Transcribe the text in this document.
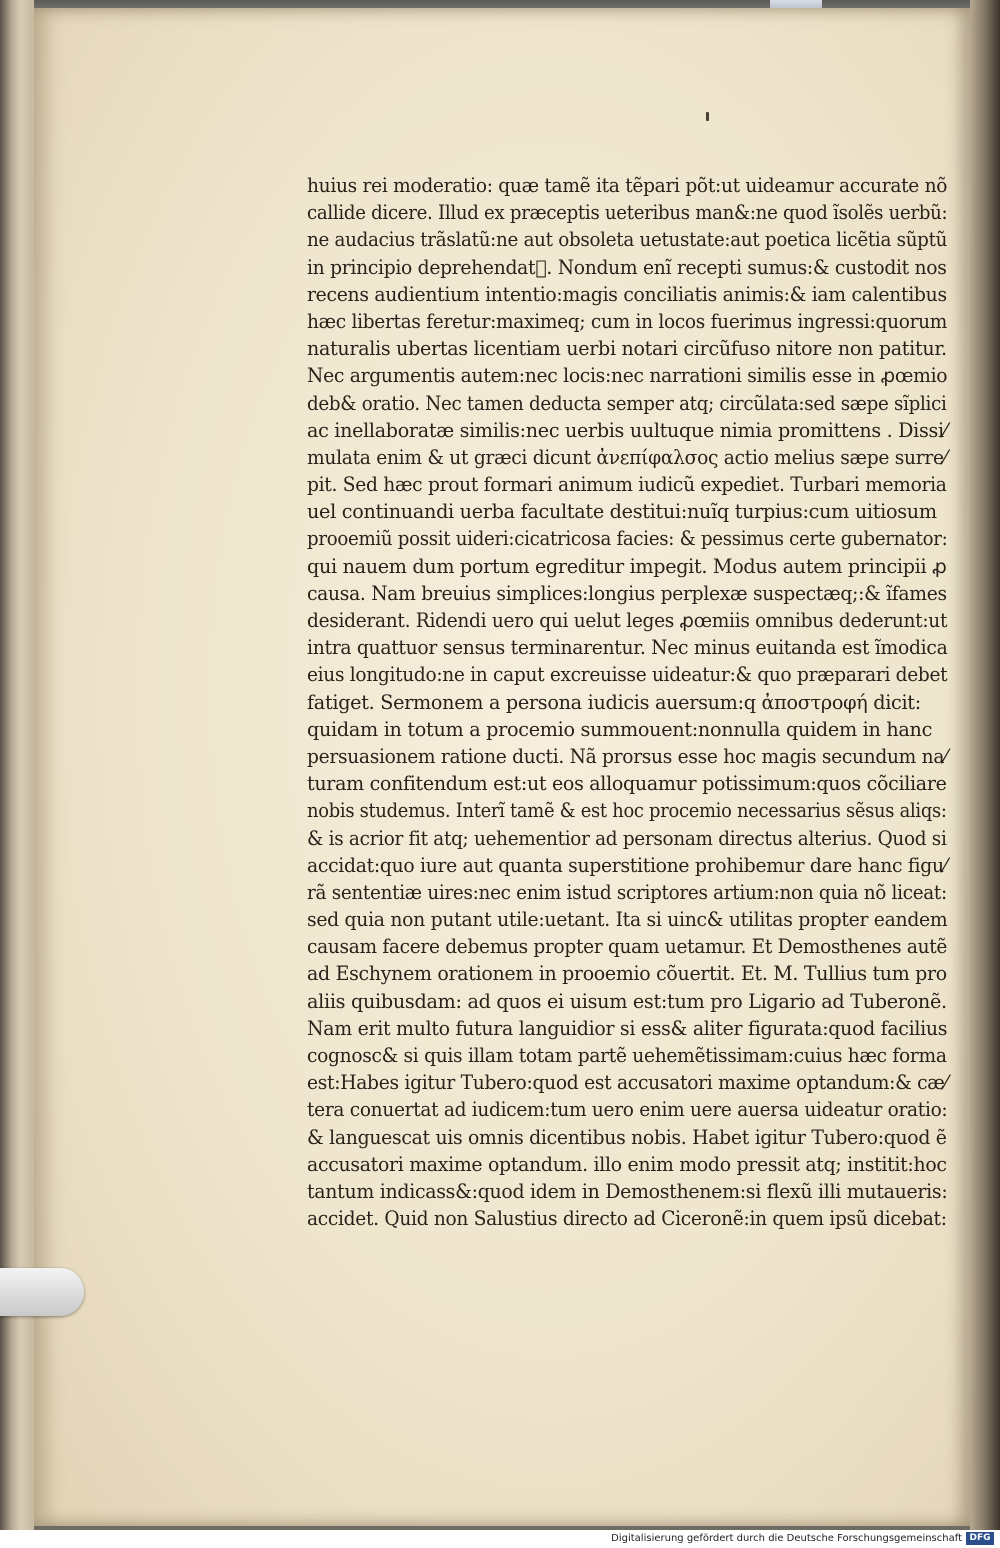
huius rei moderatio: quæ tamẽ ita tẽpari põt:ut uideamur accurate nõ
callide dicere. Illud ex præceptis ueteribus man&:ne quod ĩsolẽs uerbũ:
ne audacius trãslatũ:ne aut obsoleta uetustate:aut poetica licẽtia sũptũ
in principio deprehendat᷑. Nondum enĩ recepti sumus:& custodit nos
recens audientium intentio:magis conciliatis animis:& iam calentibus
hæc libertas feretur:maximeq; cum in locos fuerimus ingressi:quorum
naturalis ubertas licentiam uerbi notari circũfuso nitore non patitur.
Nec argumentis autem:nec locis:nec narrationi similis esse in ꝓœmio
deb& oratio. Nec tamen deducta semper atq; circũlata:sed sæpe sĩplici
ac inellaboratæ similis:nec uerbis uultuque nimia promittens . Dissi⁄
mulata enim & ut græci dicunt ἀνεπίφαλσος actio melius sæpe surre⁄
pit. Sed hæc prout formari animum iudicũ expediet. Turbari memoria
uel continuandi uerba facultate destitui:nuĩq turpius:cum uitiosum
prooemiũ possit uideri:cicatricosa facies: & pessimus certe gubernator:
qui nauem dum portum egreditur impegit. Modus autem principii ꝓ
causa. Nam breuius simplices:longius perplexæ suspectæq;:& ĩfames
desiderant. Ridendi uero qui uelut leges ꝓœmiis omnibus dederunt:ut
intra quattuor sensus terminarentur. Nec minus euitanda est ĩmodica
eius longitudo:ne in caput excreuisse uideatur:& quo præparari debet
fatiget. Sermonem a persona iudicis auersum:q ἀποστροφή dicit:
quidam in totum a procemio summouent:nonnulla quidem in hanc
persuasionem ratione ducti. Nã prorsus esse hoc magis secundum na⁄
turam confitendum est:ut eos alloquamur potissimum:quos cõciliare
nobis studemus. Interĩ tamẽ & est hoc procemio necessarius sẽsus aliqs:
& is acrior fit atq; uehementior ad personam directus alterius. Quod si
accidat:quo iure aut quanta superstitione prohibemur dare hanc figu⁄
rã sententiæ uires:nec enim istud scriptores artium:non quia nõ liceat:
sed quia non putant utile:uetant. Ita si uinc& utilitas propter eandem
causam facere debemus propter quam uetamur. Et Demosthenes autẽ
ad Eschynem orationem in prooemio cõuertit. Et. M. Tullius tum pro
aliis quibusdam: ad quos ei uisum est:tum pro Ligario ad Tuberonẽ.
Nam erit multo futura languidior si ess& aliter figurata:quod facilius
cognosc& si quis illam totam partẽ uehemẽtissimam:cuius hæc forma
est:Habes igitur Tubero:quod est accusatori maxime optandum:& cæ⁄
tera conuertat ad iudicem:tum uero enim uere auersa uideatur oratio:
& languescat uis omnis dicentibus nobis. Habet igitur Tubero:quod ẽ
accusatori maxime optandum. illo enim modo pressit atq; institit:hoc
tantum indicass&:quod idem in Demosthenem:si flexũ illi mutaueris:
accidet. Quid non Salustius directo ad Ciceronẽ:in quem ipsũ dicebat:
Digitalisierung gefördert durch die Deutsche Forschungsgemeinschaft DFG
